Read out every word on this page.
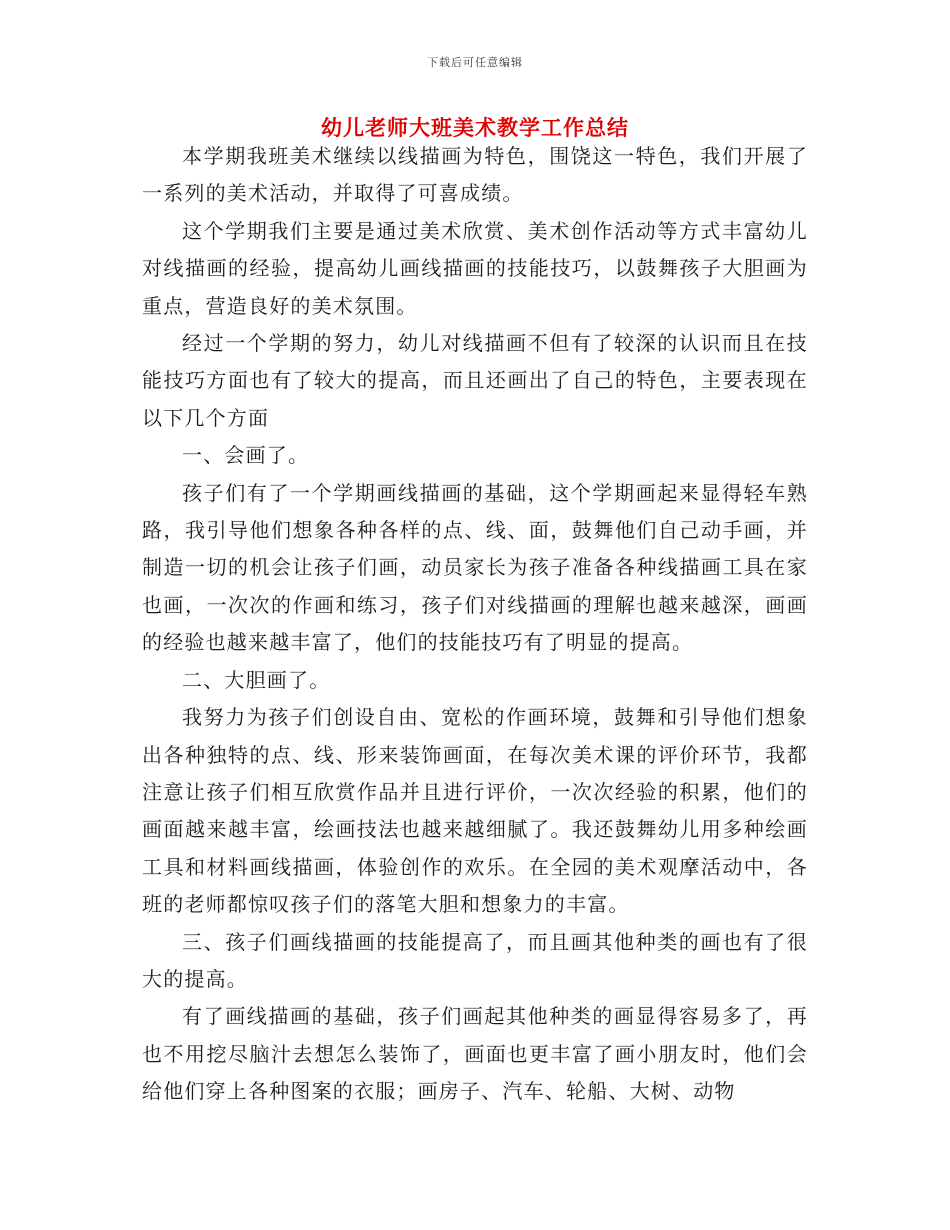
下载后可任意编辑
幼儿老师大班美术教学工作总结

本学期我班美术继续以线描画为特色，围饶这一特色，我们开展了一系列的美术活动，并取得了可喜成绩。

这个学期我们主要是通过美术欣赏、美术创作活动等方式丰富幼儿对线描画的经验，提高幼儿画线描画的技能技巧，以鼓舞孩子大胆画为重点，营造良好的美术氛围。

经过一个学期的努力，幼儿对线描画不但有了较深的认识而且在技能技巧方面也有了较大的提高，而且还画出了自己的特色，主要表现在以下几个方面

一、会画了。

孩子们有了一个学期画线描画的基础，这个学期画起来显得轻车熟路，我引导他们想象各种各样的点、线、面，鼓舞他们自己动手画，并制造一切的机会让孩子们画，动员家长为孩子准备各种线描画工具在家也画，一次次的作画和练习，孩子们对线描画的理解也越来越深，画画的经验也越来越丰富了，他们的技能技巧有了明显的提高。

二、大胆画了。

我努力为孩子们创设自由、宽松的作画环境，鼓舞和引导他们想象出各种独特的点、线、形来装饰画面，在每次美术课的评价环节，我都注意让孩子们相互欣赏作品并且进行评价，一次次经验的积累，他们的画面越来越丰富，绘画技法也越来越细腻了。我还鼓舞幼儿用多种绘画工具和材料画线描画，体验创作的欢乐。在全园的美术观摩活动中，各班的老师都惊叹孩子们的落笔大胆和想象力的丰富。

三、孩子们画线描画的技能提高了，而且画其他种类的画也有了很大的提高。

有了画线描画的基础，孩子们画起其他种类的画显得容易多了，再也不用挖尽脑汁去想怎么装饰了，画面也更丰富了画小朋友时，他们会给他们穿上各种图案的衣服；画房子、汽车、轮船、大树、动物
